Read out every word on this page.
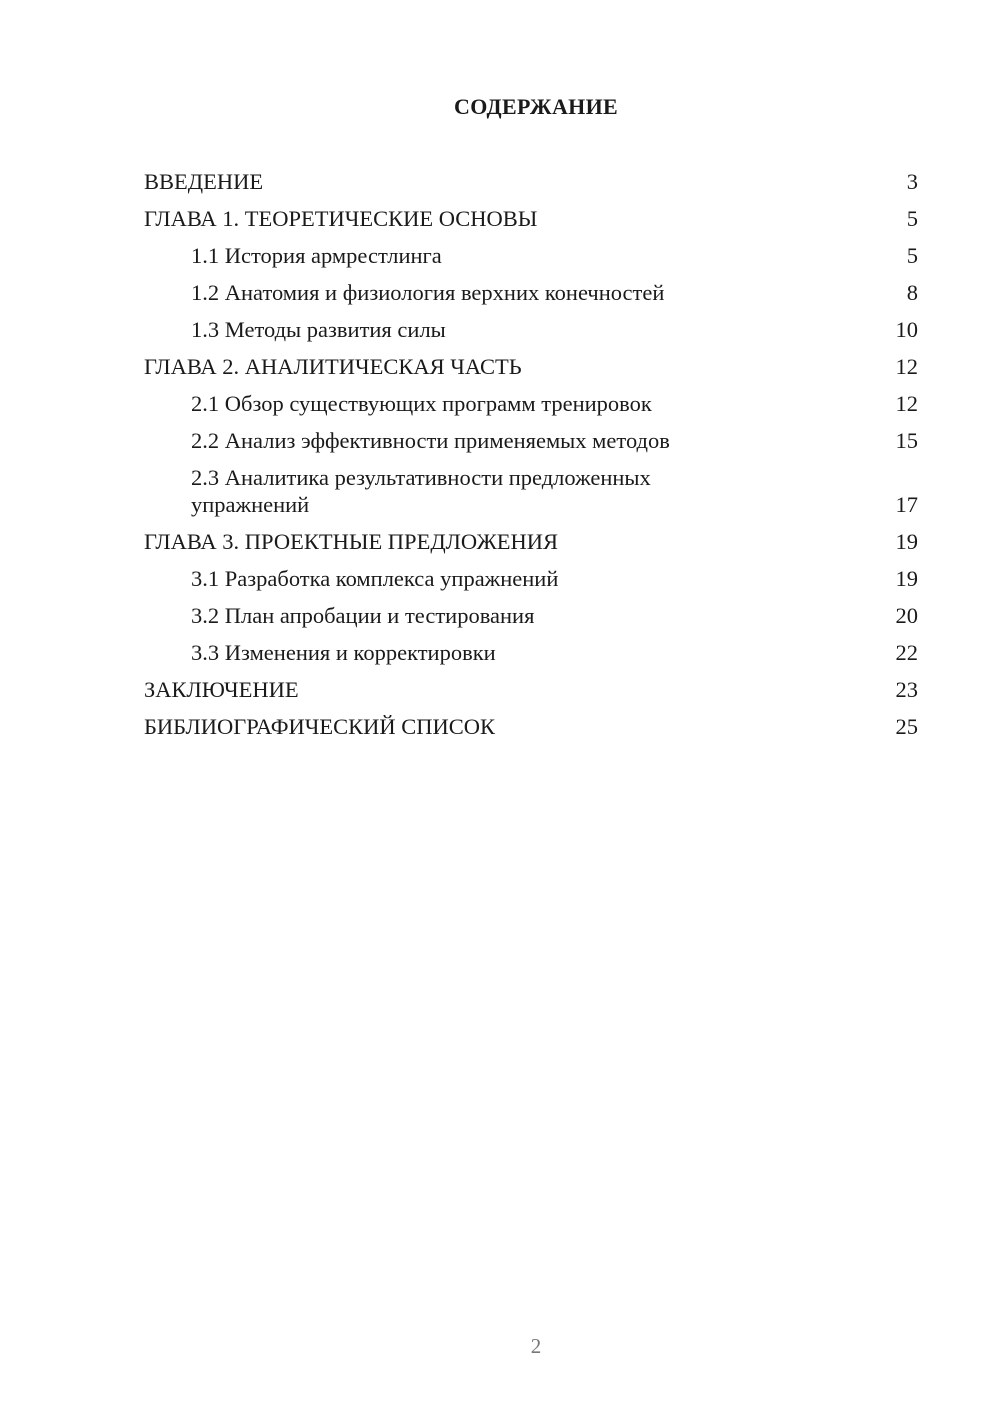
СОДЕРЖАНИЕ
ВВЕДЕНИЕ	3
ГЛАВА 1. ТЕОРЕТИЧЕСКИЕ ОСНОВЫ	5
1.1 История армрестлинга	5
1.2 Анатомия и физиология верхних конечностей	8
1.3 Методы развития силы	10
ГЛАВА 2. АНАЛИТИЧЕСКАЯ ЧАСТЬ	12
2.1 Обзор существующих программ тренировок	12
2.2 Анализ эффективности применяемых методов	15
2.3 Аналитика результативности предложенных упражнений	17
ГЛАВА 3. ПРОЕКТНЫЕ ПРЕДЛОЖЕНИЯ	19
3.1 Разработка комплекса упражнений	19
3.2 План апробации и тестирования	20
3.3 Изменения и корректировки	22
ЗАКЛЮЧЕНИЕ	23
БИБЛИОГРАФИЧЕСКИЙ СПИСОК	25
2
